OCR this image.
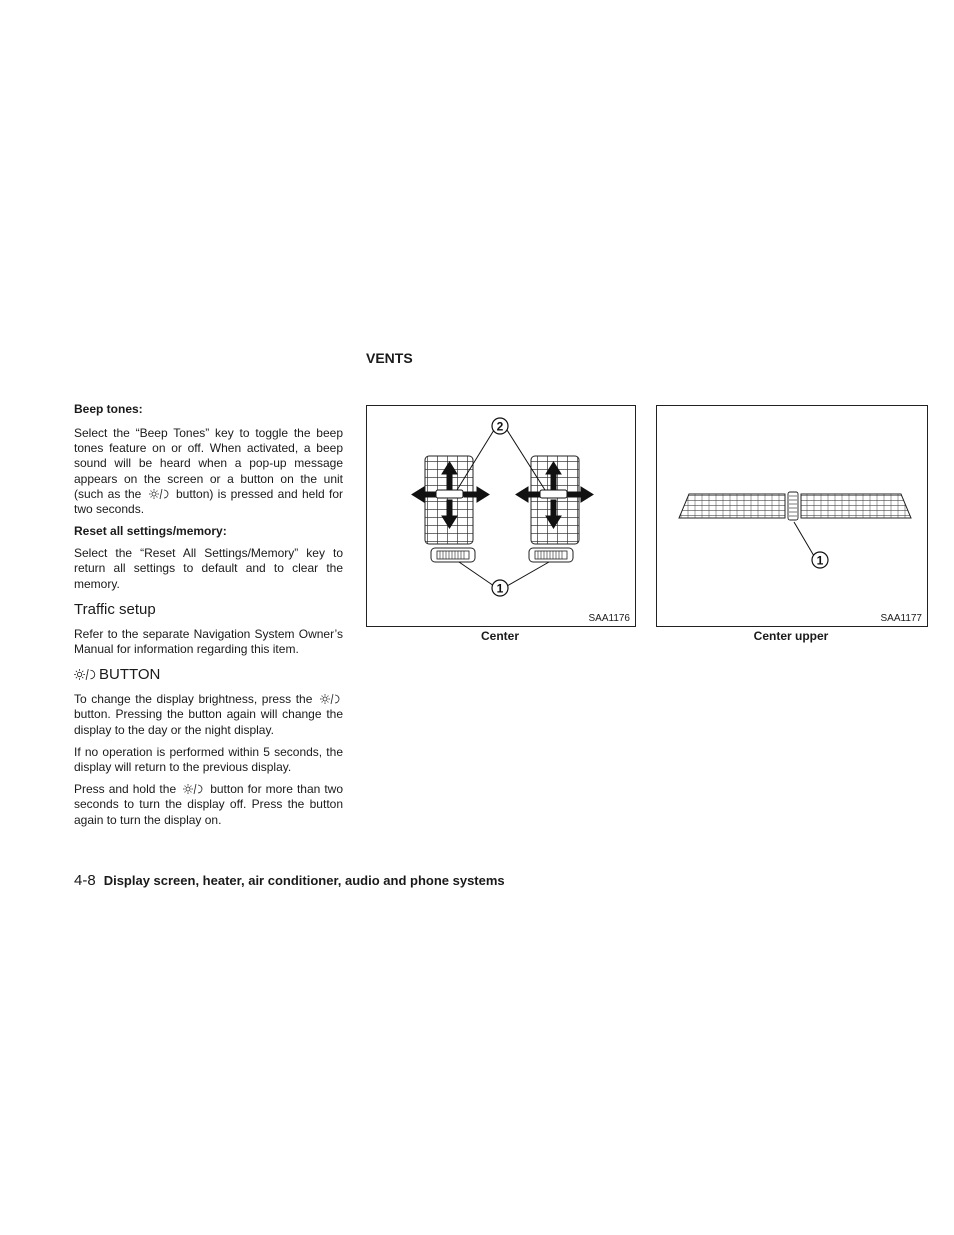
Beep tones:

Select the “Beep Tones” key to toggle the beep tones feature on or off. When activated, a beep sound will be heard when a pop-up message appears on the screen or a button on the unit (such as the	button) is pressed and held for two seconds.

Reset all settings/memory:

Select the “Reset All Settings/Memory” key to return all settings to default and to clear the memory.

Traffic setup

Refer to the separate Navigation System Owner’s Manual for information regarding this item.

BUTTON

To change the display brightness, press the
button. Pressing the button again will change the display to the day or the night display.

If no operation is performed within 5 seconds, the display will return to the previous display.

Press and hold the	button for more than two seconds to turn the display off. Press the button again to turn the display on.

VENTS
2
1
SAA1176
Center
1
SAA1177
Center upper
4-8 Display screen, heater, air conditioner, audio and phone systems
